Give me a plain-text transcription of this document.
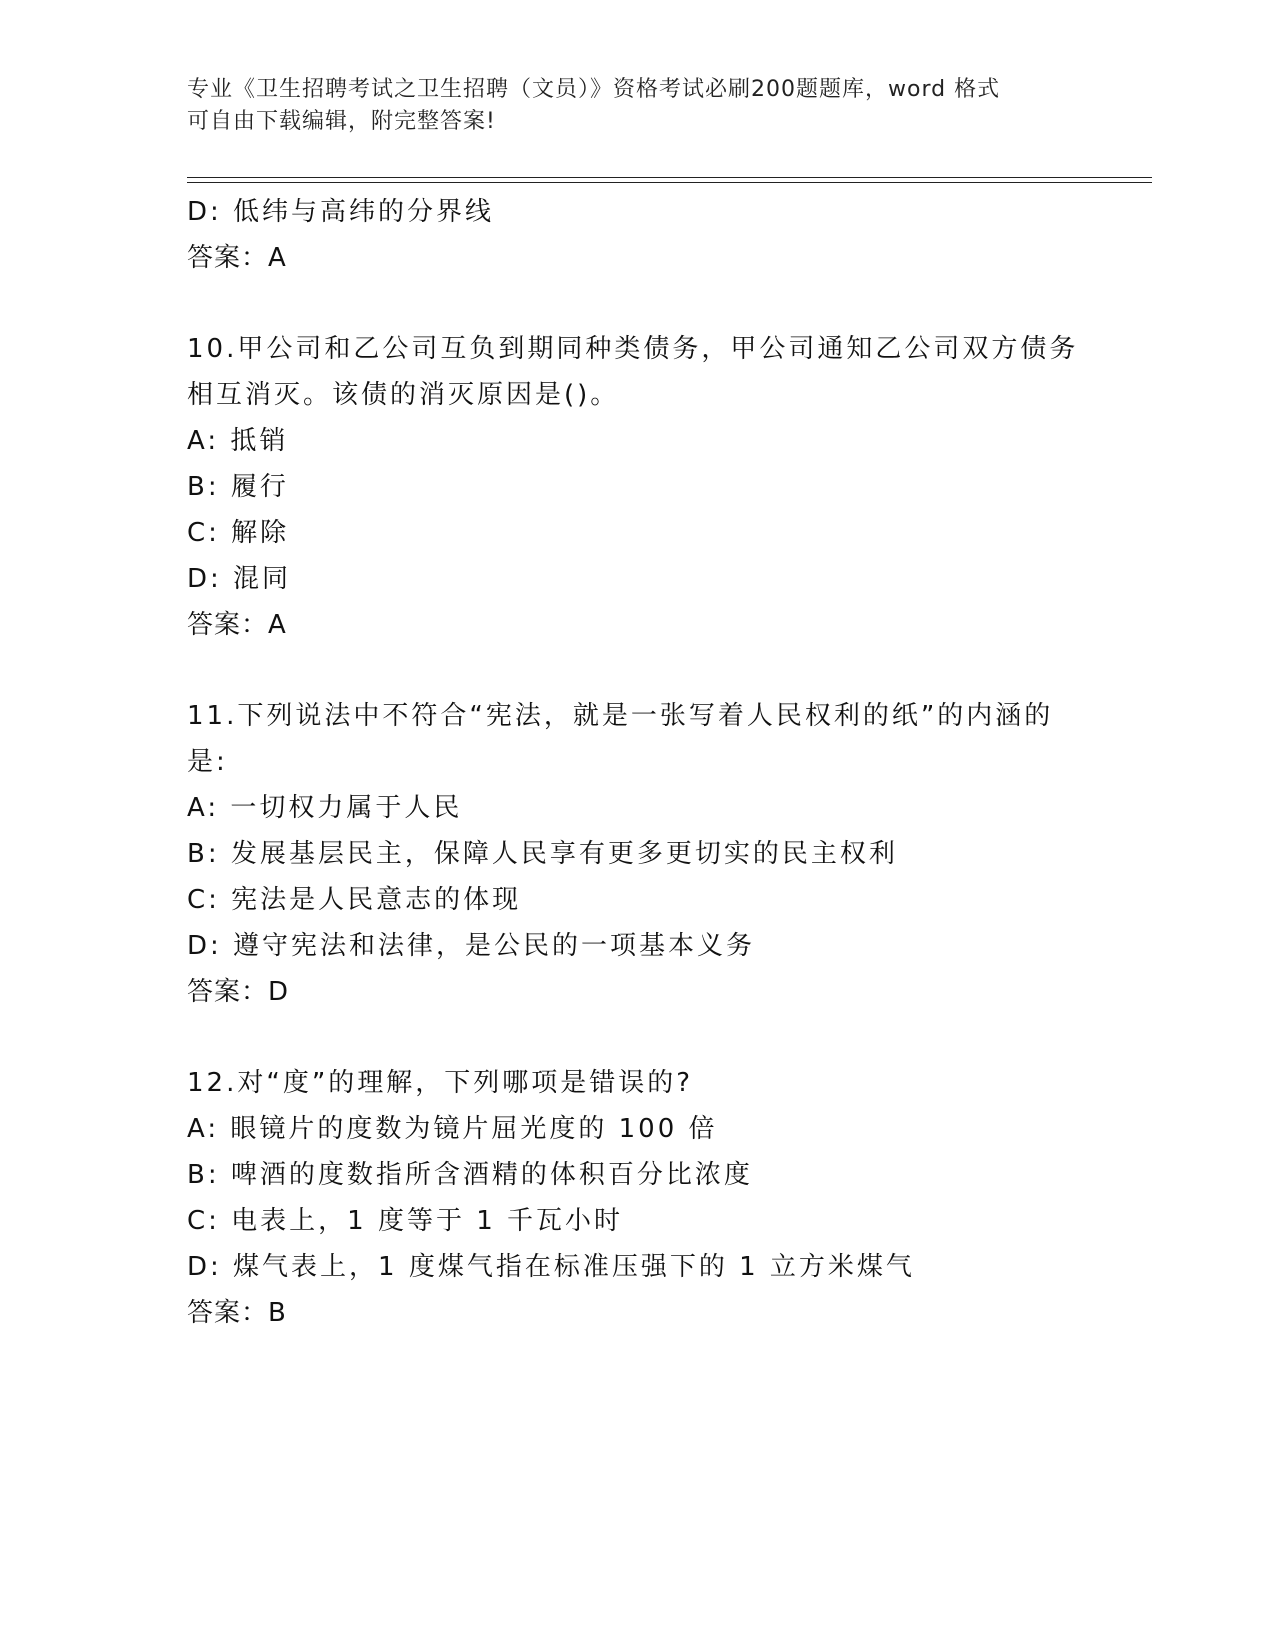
专业《卫生招聘考试之卫生招聘（文员）》资格考试必刷200题题库，word 格式
可自由下载编辑，附完整答案!
D: 低纬与高纬的分界线
答案：A
10.甲公司和乙公司互负到期同种类债务，甲公司通知乙公司双方债务
相互消灭。该债的消灭原因是()。
A: 抵销
B: 履行
C: 解除
D: 混同
答案：A
11.下列说法中不符合“宪法，就是一张写着人民权利的纸”的内涵的
是:
A: 一切权力属于人民
B: 发展基层民主，保障人民享有更多更切实的民主权利
C: 宪法是人民意志的体现
D: 遵守宪法和法律，是公民的一项基本义务
答案：D
12.对“度”的理解，下列哪项是错误的?
A: 眼镜片的度数为镜片屈光度的 100 倍
B: 啤酒的度数指所含酒精的体积百分比浓度
C: 电表上，1 度等于 1 千瓦小时
D: 煤气表上，1 度煤气指在标准压强下的 1 立方米煤气
答案：B
